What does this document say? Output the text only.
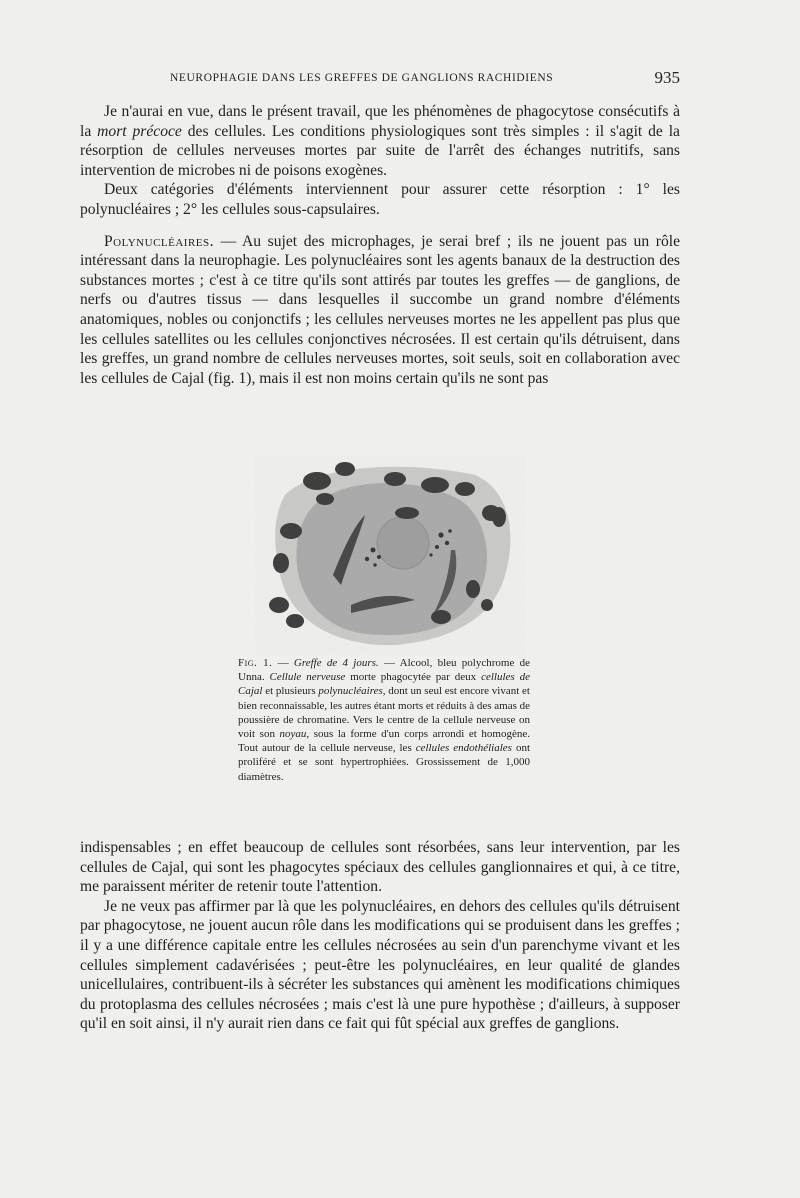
NEUROPHAGIE DANS LES GREFFES DE GANGLIONS RACHIDIENS	935

Je n'aurai en vue, dans le présent travail, que les phénomènes de phagocytose consécutifs à la mort précoce des cellules. Les conditions physiologiques sont très simples : il s'agit de la résorption de cellules nerveuses mortes par suite de l'arrêt des échanges nutritifs, sans intervention de microbes ni de poisons exogènes.

Deux catégories d'éléments interviennent pour assurer cette résorption : 1° les polynucléaires ; 2° les cellules sous-capsulaires.

Polynucléaires. — Au sujet des microphages, je serai bref ; ils ne jouent pas un rôle intéressant dans la neurophagie. Les polynucléaires sont les agents banaux de la destruction des substances mortes ; c'est à ce titre qu'ils sont attirés par toutes les greffes — de ganglions, de nerfs ou d'autres tissus — dans lesquelles il succombe un grand nombre d'éléments anatomiques, nobles ou conjonctifs ; les cellules nerveuses mortes ne les appellent pas plus que les cellules satellites ou les cellules conjonctives nécrosées. Il est certain qu'ils détruisent, dans les greffes, un grand nombre de cellules nerveuses mortes, soit seuls, soit en collaboration avec les cellules de Cajal (fig. 1), mais il est non moins certain qu'ils ne sont pas

Fig. 1. — Greffe de 4 jours. — Alcool, bleu polychrome de Unna. Cellule nerveuse morte phagocytée par deux cellules de Cajal et plusieurs polynucléaires, dont un seul est encore vivant et bien reconnaissable, les autres étant morts et réduits à des amas de poussière de chromatine. Vers le centre de la cellule nerveuse on voit son noyau, sous la forme d'un corps arrondi et homogène. Tout autour de la cellule nerveuse, les cellules endothéliales ont proliféré et se sont hypertrophiées. Grossissement de 1,000 diamètres.

indispensables ; en effet beaucoup de cellules sont résorbées, sans leur intervention, par les cellules de Cajal, qui sont les phagocytes spéciaux des cellules ganglionnaires et qui, à ce titre, me paraissent mériter de retenir toute l'attention.

Je ne veux pas affirmer par là que les polynucléaires, en dehors des cellules qu'ils détruisent par phagocytose, ne jouent aucun rôle dans les modifications qui se produisent dans les greffes ; il y a une différence capitale entre les cellules nécrosées au sein d'un parenchyme vivant et les cellules simplement cadavérisées ; peut-être les polynucléaires, en leur qualité de glandes unicellulaires, contribuent-ils à sécréter les substances qui amènent les modifications chimiques du protoplasma des cellules nécrosées ; mais c'est là une pure hypothèse ; d'ailleurs, à supposer qu'il en soit ainsi, il n'y aurait rien dans ce fait qui fût spécial aux greffes de ganglions.
